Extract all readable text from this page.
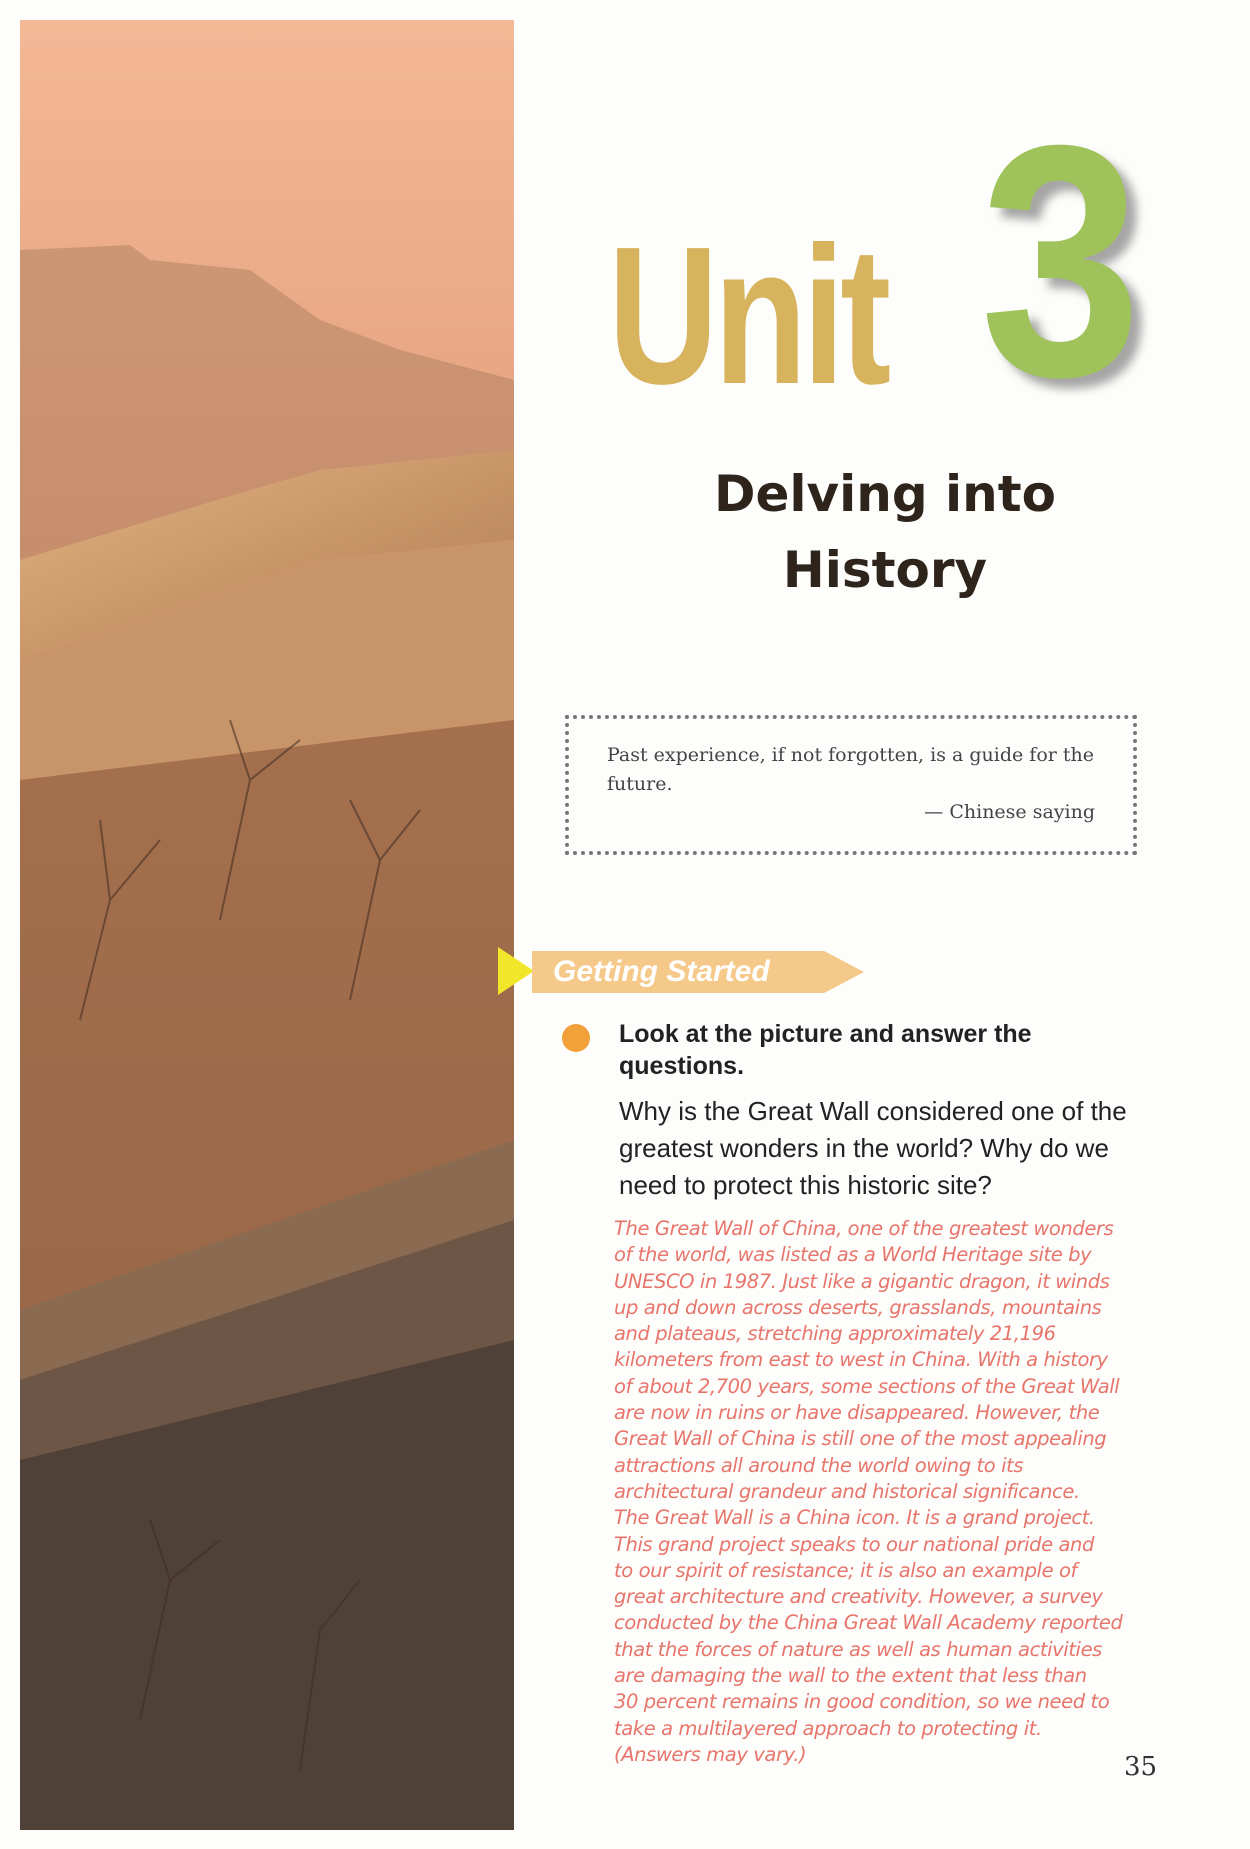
Unit 3
Delving into
History
Past experience, if not forgotten, is a guide for the future.
— Chinese saying
Getting Started
Look at the picture and answer the questions.
Why is the Great Wall considered one of the greatest wonders in the world? Why do we need to protect this historic site?
The Great Wall of China, one of the greatest wonders
of the world, was listed as a World Heritage site by
UNESCO in 1987. Just like a gigantic dragon, it winds
up and down across deserts, grasslands, mountains
and plateaus, stretching approximately 21,196
kilometers from east to west in China. With a history
of about 2,700 years, some sections of the Great Wall
are now in ruins or have disappeared. However, the
Great Wall of China is still one of the most appealing
attractions all around the world owing to its
architectural grandeur and historical significance.
The Great Wall is a China icon. It is a grand project.
This grand project speaks to our national pride and
to our spirit of resistance; it is also an example of
great architecture and creativity. However, a survey
conducted by the China Great Wall Academy reported
that the forces of nature as well as human activities
are damaging the wall to the extent that less than
30 percent remains in good condition, so we need to
take a multilayered approach to protecting it.
(Answers may vary.)	35
